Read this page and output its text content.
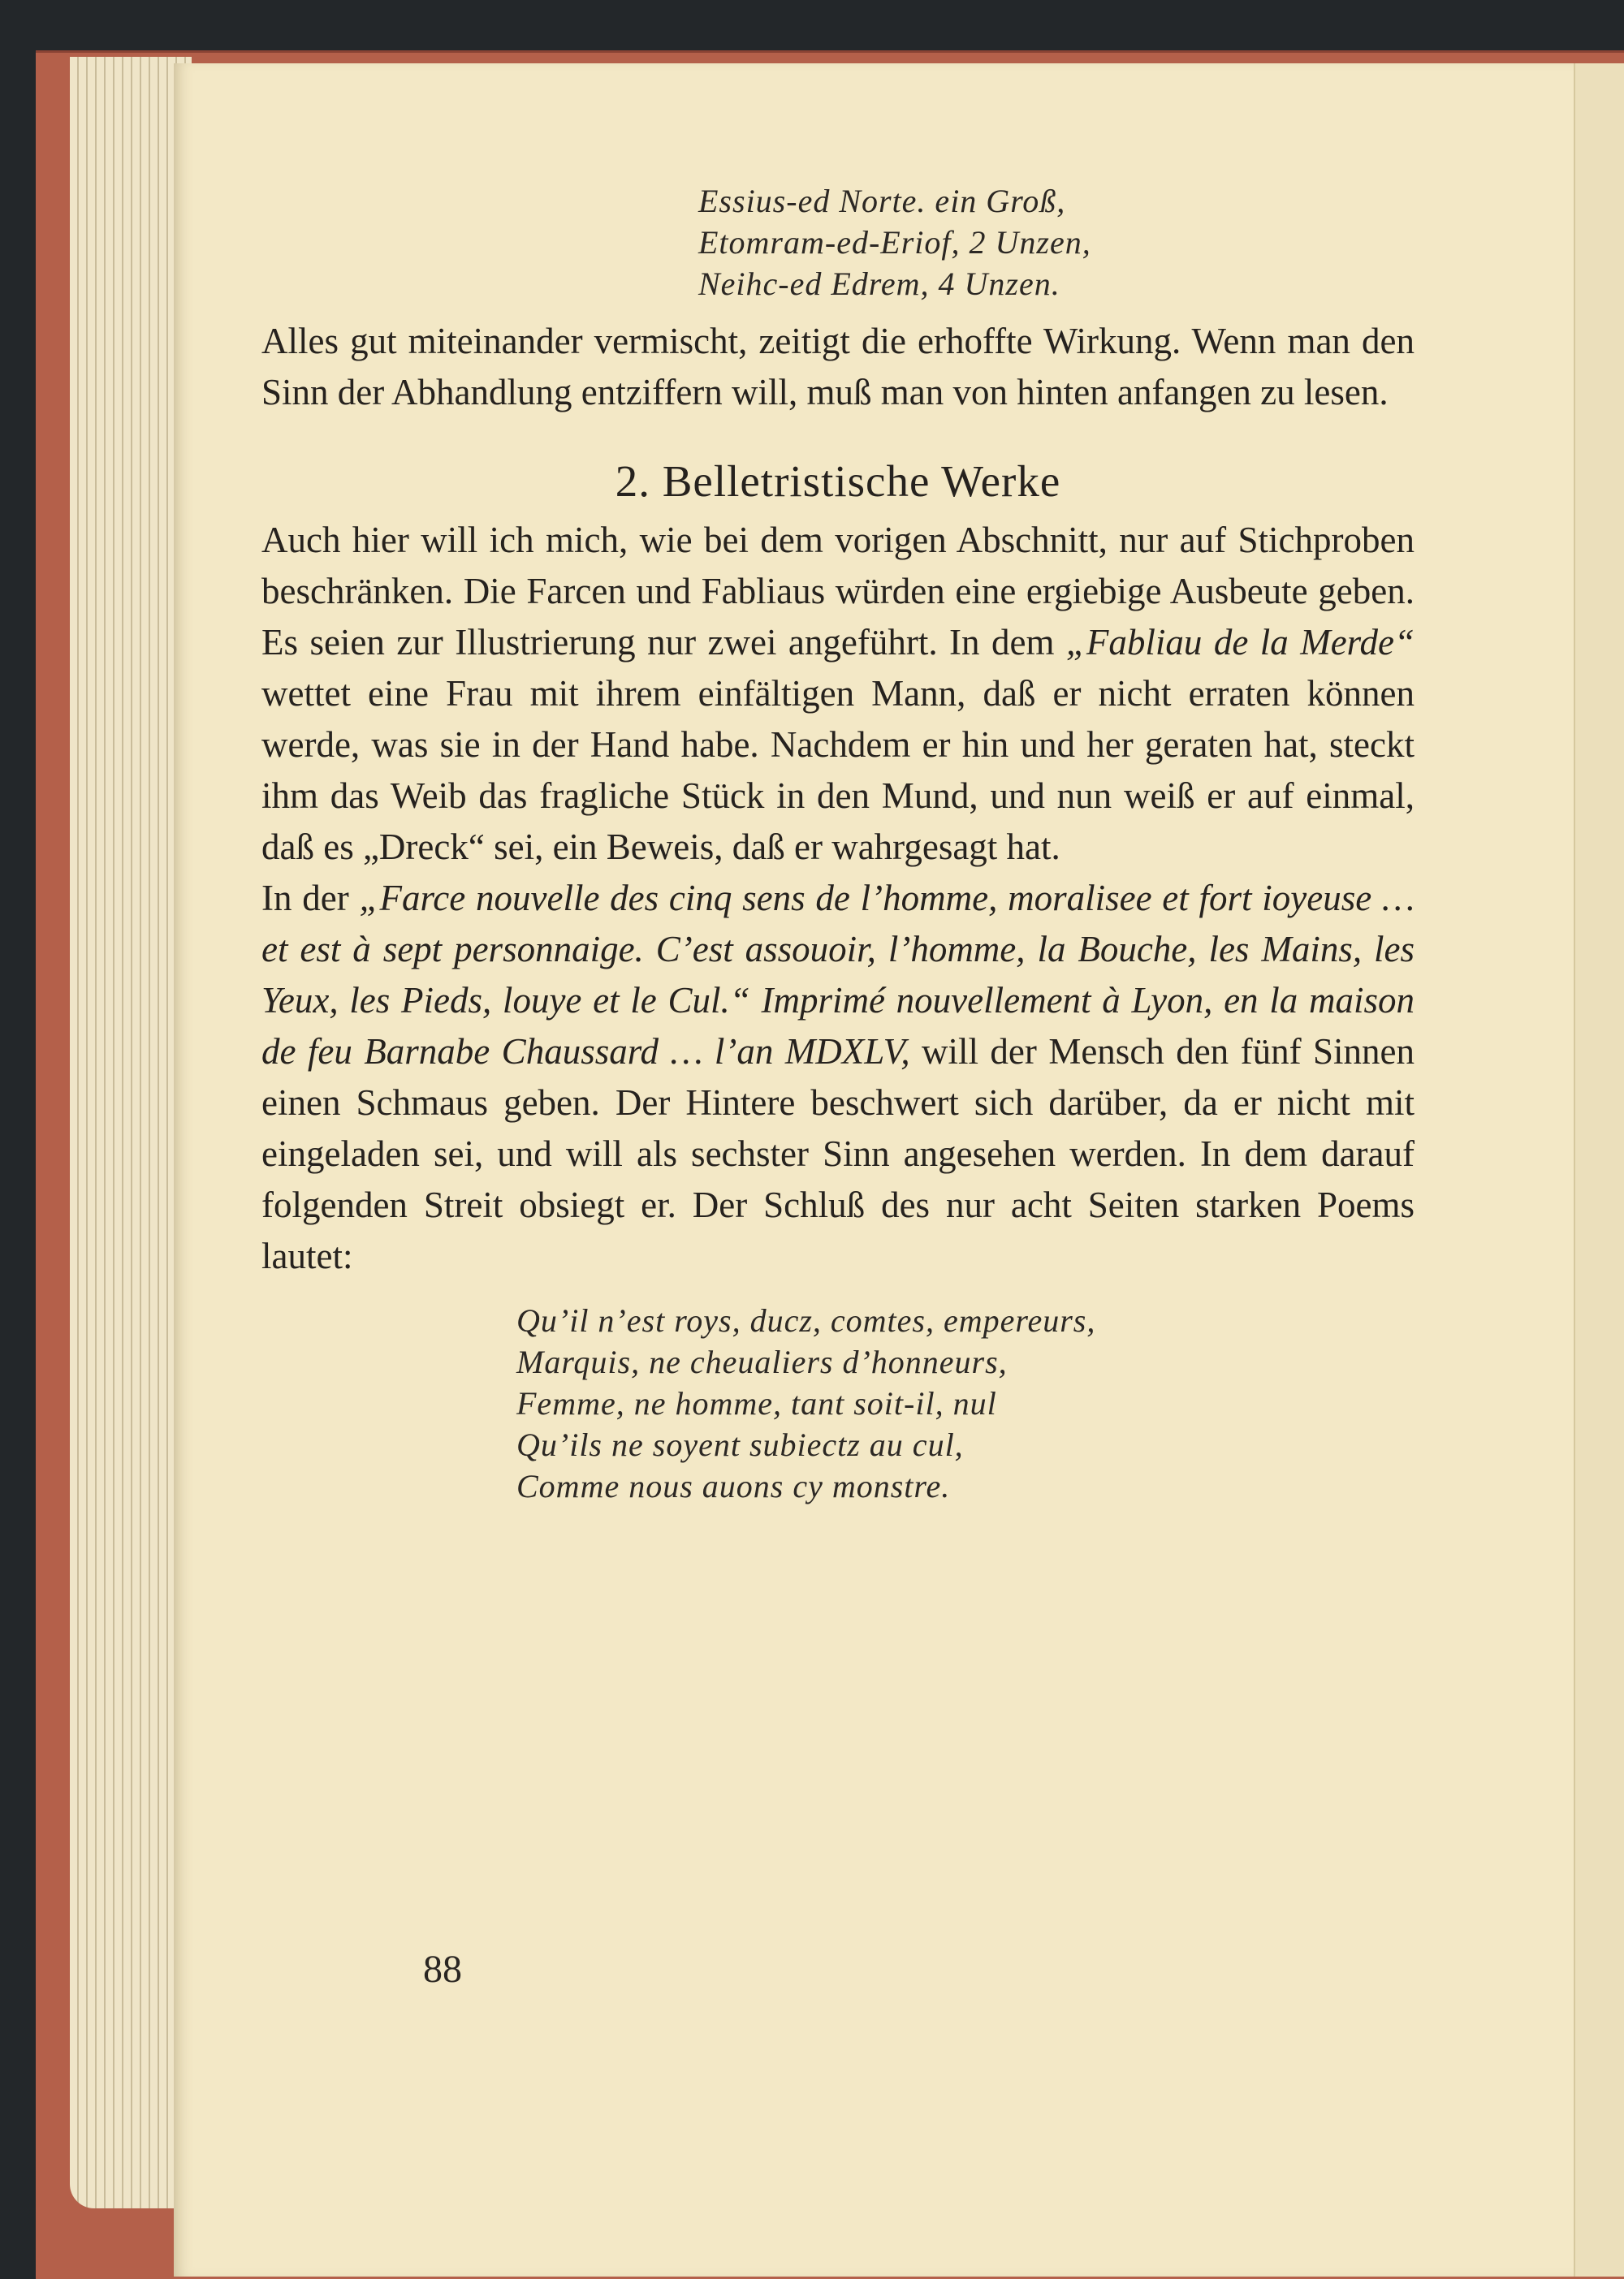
Essius-ed Norte. ein Groß,
Etomram-ed-Eriof, 2 Unzen,
Neihc-ed Edrem, 4 Unzen.

Alles gut miteinander vermischt, zeitigt die erhoffte Wirkung. Wenn man den Sinn der Abhandlung entziffern will, muß man von hinten anfangen zu lesen.

2. Belletristische Werke

Auch hier will ich mich, wie bei dem vorigen Abschnitt, nur auf Stichproben beschränken. Die Farcen und Fabliaus würden eine ergiebige Ausbeute geben. Es seien zur Illustrierung nur zwei angeführt. In dem „Fabliau de la Merde“ wettet eine Frau mit ihrem einfältigen Mann, daß er nicht erraten können werde, was sie in der Hand habe. Nachdem er hin und her geraten hat, steckt ihm das Weib das fragliche Stück in den Mund, und nun weiß er auf einmal, daß es „Dreck“ sei, ein Beweis, daß er wahrgesagt hat.

In der „Farce nouvelle des cinq sens de l’homme, moralisee et fort ioyeuse … et est à sept personnaige. C’est assouoir, l’homme, la Bouche, les Mains, les Yeux, les Pieds, louye et le Cul.“ Imprimé nouvellement à Lyon, en la maison de feu Barnabe Chaussard … l’an MDXLV, will der Mensch den fünf Sinnen einen Schmaus geben. Der Hintere beschwert sich darüber, da er nicht mit eingeladen sei, und will als sechster Sinn angesehen werden. In dem darauf folgenden Streit obsiegt er. Der Schluß des nur acht Seiten starken Poems lautet:

Qu’il n’est roys, ducz, comtes, empereurs,
Marquis, ne cheualiers d’honneurs,
Femme, ne homme, tant soit-il, nul
Qu’ils ne soyent subiectz au cul,
Comme nous auons cy monstre.
88
